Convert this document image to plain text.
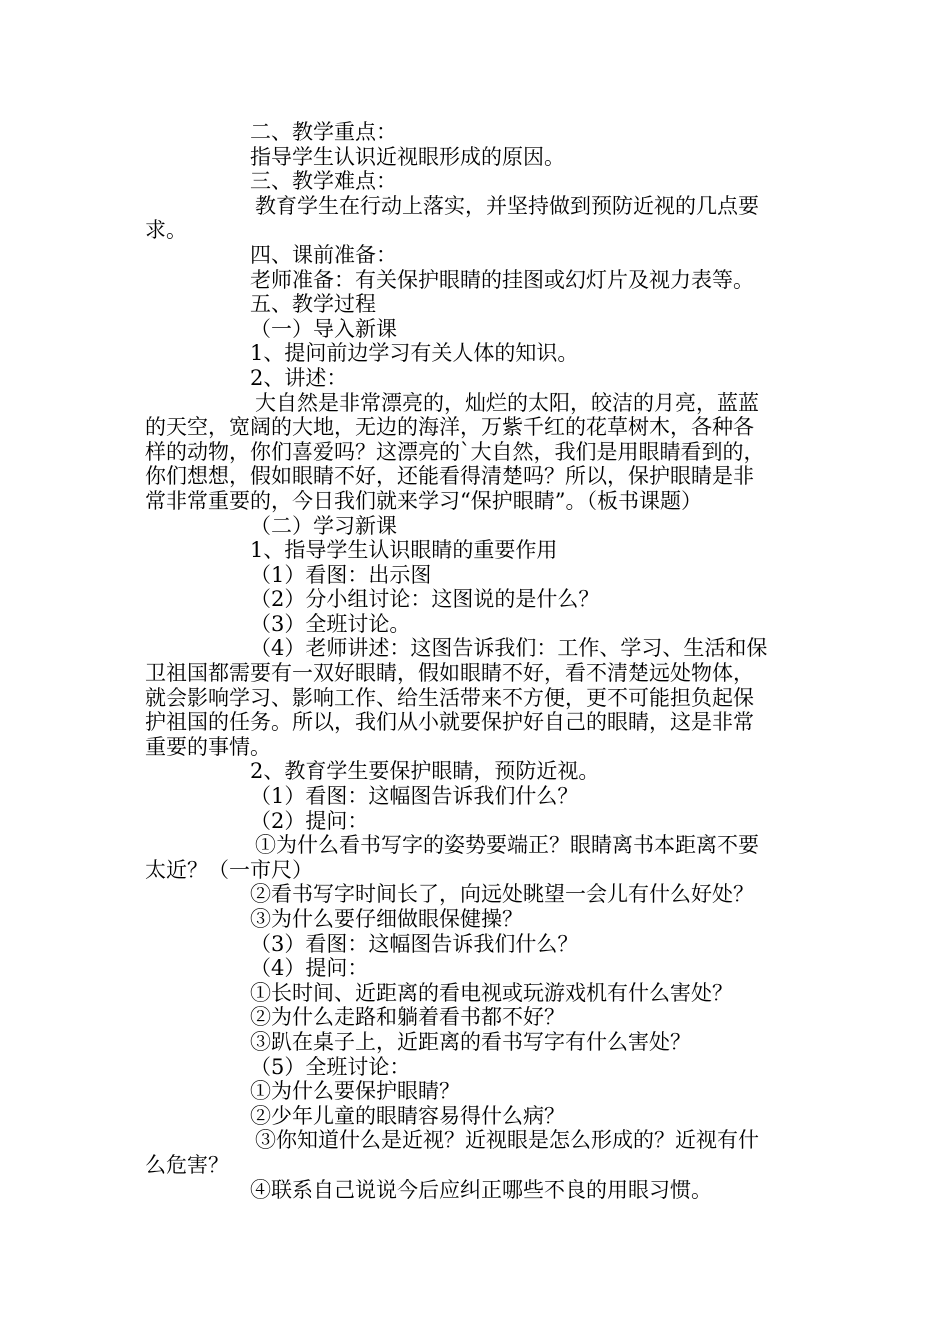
二、教学重点：
指导学生认识近视眼形成的原因。
三、教学难点：
教育学生在行动上落实，并坚持做到预防近视的几点要
求。
四、课前准备：
老师准备：有关保护眼睛的挂图或幻灯片及视力表等。
五、教学过程
（一）导入新课
1、提问前边学习有关人体的知识。
2、讲述：
大自然是非常漂亮的，灿烂的太阳，皎洁的月亮，蓝蓝
的天空，宽阔的大地，无边的海洋，万紫千红的花草树木，各种各
样的动物，你们喜爱吗？这漂亮的`大自然，我们是用眼睛看到的，
你们想想，假如眼睛不好，还能看得清楚吗？所以，保护眼睛是非
常非常重要的，今日我们就来学习“保护眼睛”。（板书课题）
（二）学习新课
1、指导学生认识眼睛的重要作用
（1）看图：出示图
（2）分小组讨论：这图说的是什么？
（3）全班讨论。
（4）老师讲述：这图告诉我们：工作、学习、生活和保
卫祖国都需要有一双好眼睛，假如眼睛不好，看不清楚远处物体，
就会影响学习、影响工作、给生活带来不方便，更不可能担负起保
护祖国的任务。所以，我们从小就要保护好自己的眼睛，这是非常
重要的事情。
2、教育学生要保护眼睛，预防近视。
（1）看图：这幅图告诉我们什么？
（2）提问：
①为什么看书写字的姿势要端正？眼睛离书本距离不要
太近？（一市尺）
②看书写字时间长了，向远处眺望一会儿有什么好处？
③为什么要仔细做眼保健操？
（3）看图：这幅图告诉我们什么？
（4）提问：
①长时间、近距离的看电视或玩游戏机有什么害处？
②为什么走路和躺着看书都不好？
③趴在桌子上，近距离的看书写字有什么害处？
（5）全班讨论：
①为什么要保护眼睛？
②少年儿童的眼睛容易得什么病？
③你知道什么是近视？近视眼是怎么形成的？近视有什
么危害？
④联系自己说说今后应纠正哪些不良的用眼习惯。
